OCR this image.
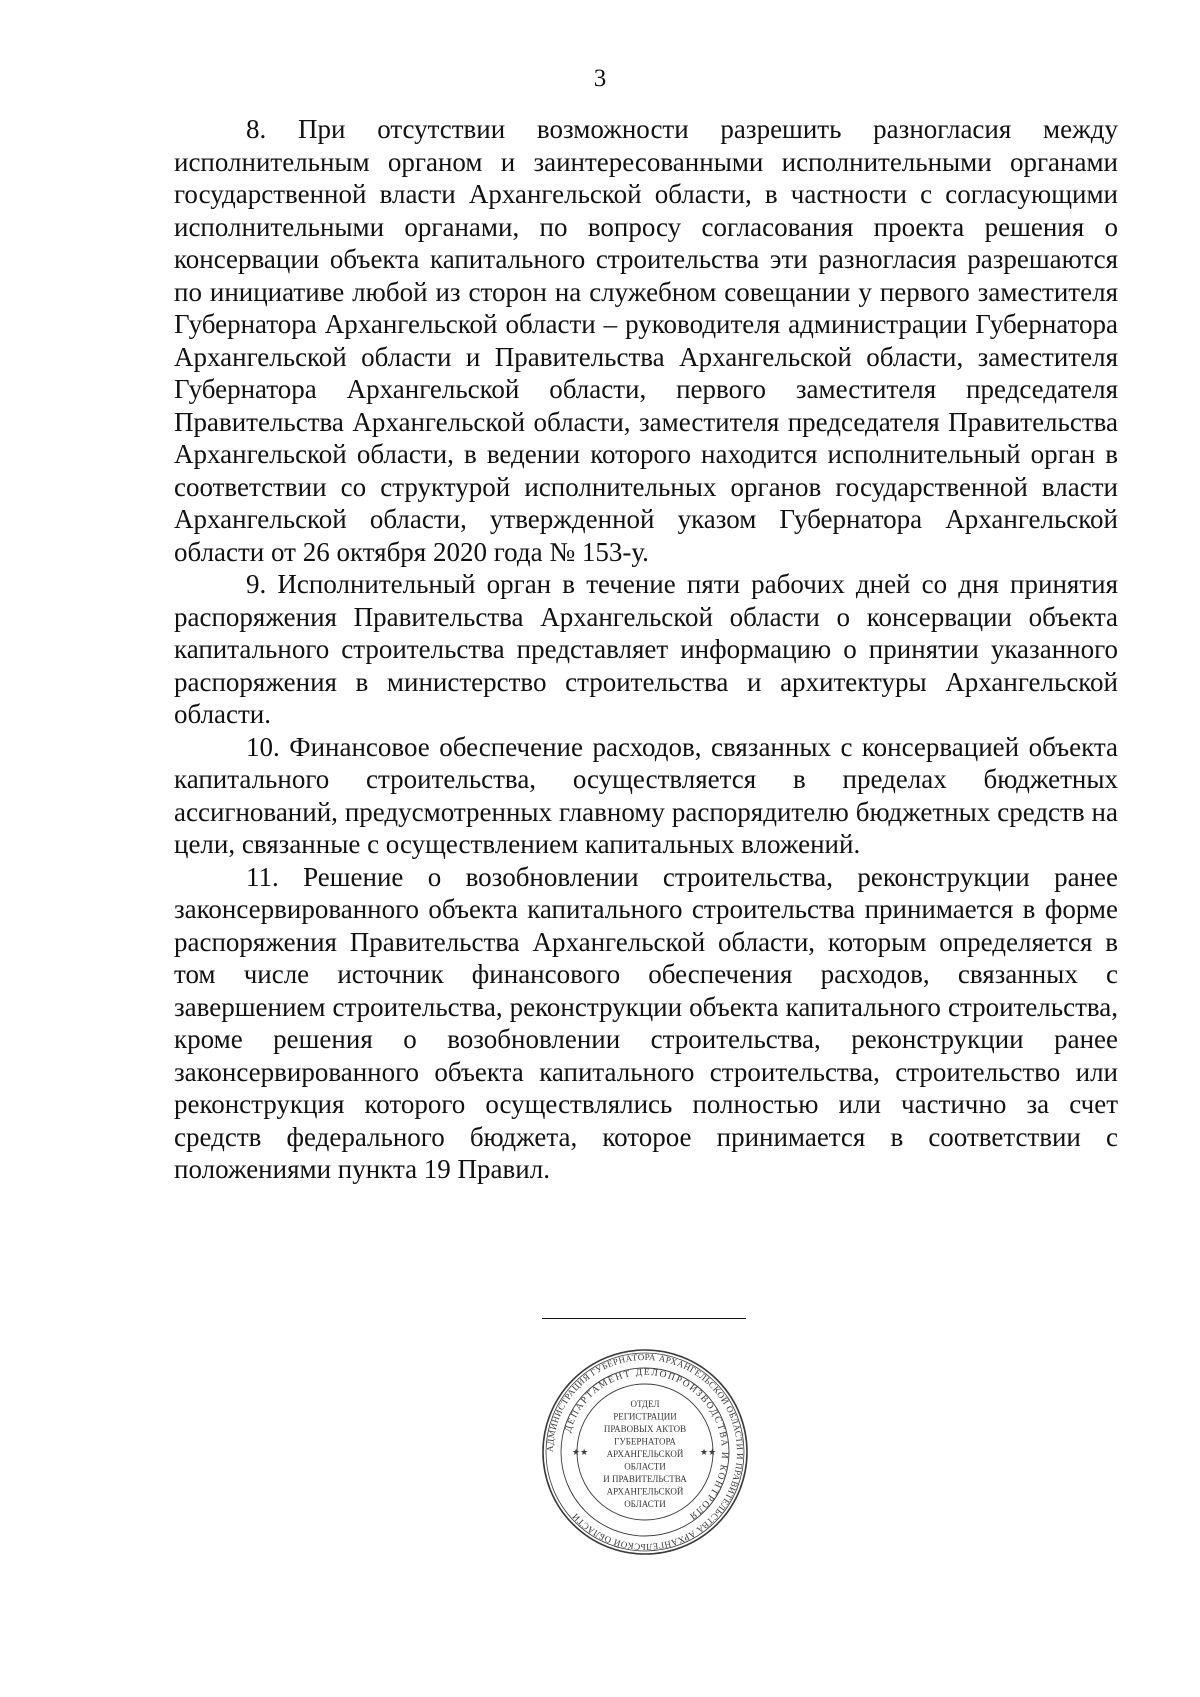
3

8. При отсутствии возможности разрешить разногласия между исполнительным органом и заинтересованными исполнительными органами государственной власти Архангельской области, в частности с согласующими исполнительными органами, по вопросу согласования проекта решения о консервации объекта капитального строительства эти разногласия разрешаются по инициативе любой из сторон на служебном совещании у первого заместителя Губернатора Архангельской области – руководителя администрации Губернатора Архангельской области и Правительства Архангельской области, заместителя Губернатора Архангельской области, первого заместителя председателя Правительства Архангельской области, заместителя председателя Правительства Архангельской области, в ведении которого находится исполнительный орган в соответствии со структурой исполнительных органов государственной власти Архангельской области, утвержденной указом Губернатора Архангельской области от 26 октября 2020 года № 153-у.

9. Исполнительный орган в течение пяти рабочих дней со дня принятия распоряжения Правительства Архангельской области о консервации объекта капитального строительства представляет информацию о принятии указанного распоряжения в министерство строительства и архитектуры Архангельской области.

10. Финансовое обеспечение расходов, связанных с консервацией объекта капитального строительства, осуществляется в пределах бюджетных ассигнований, предусмотренных главному распорядителю бюджетных средств на цели, связанные с осуществлением капитальных вложений.

11. Решение о возобновлении строительства, реконструкции ранее законсервированного объекта капитального строительства принимается в форме распоряжения Правительства Архангельской области, которым определяется в том числе источник финансового обеспечения расходов, связанных с завершением строительства, реконструкции объекта капитального строительства, кроме решения о возобновлении строительства, реконструкции ранее законсервированного объекта капитального строительства, строительство или реконструкция которого осуществлялись полностью или частично за счет средств федерального бюджета, которое принимается в соответствии с положениями пункта 19 Правил.

АДМИНИСТРАЦИЯ ГУБЕРНАТОРА АРХАНГЕЛЬСКОЙ ОБЛАСТИ И ПРАВИТЕЛЬСТВА АРХАНГЕЛЬСКОЙ ОБЛАСТИ
ДЕПАРТАМЕНТ ДЕЛОПРОИЗВОДСТВА И КОНТРОЛЯ
★★	★★
ОТДЕЛ
РЕГИСТРАЦИИ
ПРАВОВЫХ АКТОВ
ГУБЕРНАТОРА
АРХАНГЕЛЬСКОЙ
ОБЛАСТИ
И ПРАВИТЕЛЬСТВА
АРХАНГЕЛЬСКОЙ
ОБЛАСТИ
